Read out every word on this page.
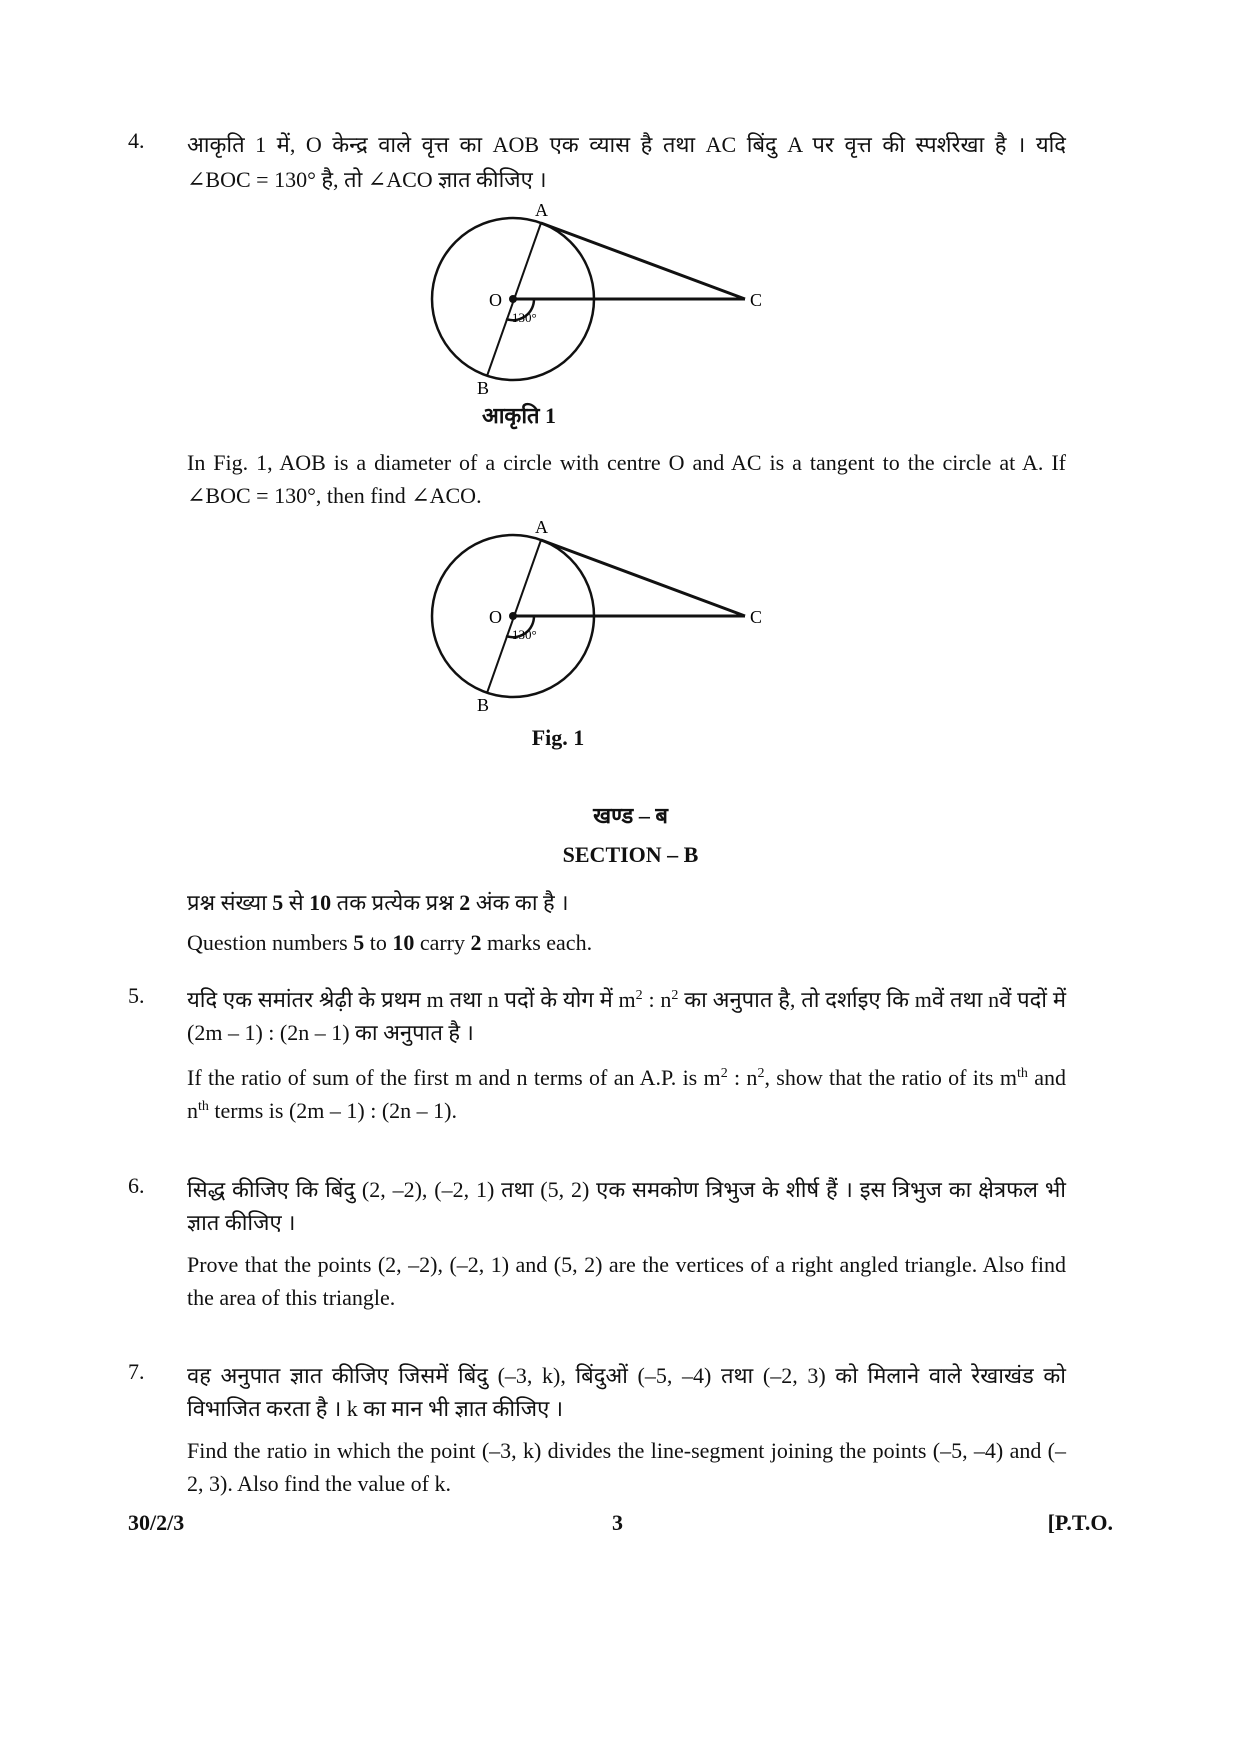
4. आकृति 1 में, O केन्द्र वाले वृत्त का AOB एक व्यास है तथा AC बिंदु A पर वृत्त की स्पर्शरेखा है । यदि
∠BOC = 130° है, तो ∠ACO ज्ञात कीजिए ।
A
O	C
B
130°
आकृति 1
In Fig. 1, AOB is a diameter of a circle with centre O and AC is a tangent to the circle at A. If ∠BOC = 130°, then find ∠ACO.
A
O	C
B
130°
Fig. 1
खण्ड – ब
SECTION – B
प्रश्न संख्या 5 से 10 तक प्रत्येक प्रश्न 2 अंक का है ।
Question numbers 5 to 10 carry 2 marks each.
5. यदि एक समांतर श्रेढ़ी के प्रथम m तथा n पदों के योग में $m^2$ : $n^2$ का अनुपात है, तो दर्शाइए कि mवें तथा nवें पदों में (2m – 1) : (2n – 1) का अनुपात है ।
If the ratio of sum of the first m and n terms of an A.P. is $m^2$ : $n^2$, show that the ratio of its $m^{th}$ and $n^{th}$ terms is (2m – 1) : (2n – 1).
6. सिद्ध कीजिए कि बिंदु (2, –2), (–2, 1) तथा (5, 2) एक समकोण त्रिभुज के शीर्ष हैं । इस त्रिभुज का क्षेत्रफल भी ज्ञात कीजिए ।
Prove that the points (2, –2), (–2, 1) and (5, 2) are the vertices of a right angled triangle. Also find the area of this triangle.
7. वह अनुपात ज्ञात कीजिए जिसमें बिंदु (–3, k), बिंदुओं (–5, –4) तथा (–2, 3) को मिलाने वाले रेखाखंड को विभाजित करता है । k का मान भी ज्ञात कीजिए ।
Find the ratio in which the point (–3, k) divides the line-segment joining the points (–5, –4) and (–2, 3). Also find the value of k.
30/2/3	3	[P.T.O.
